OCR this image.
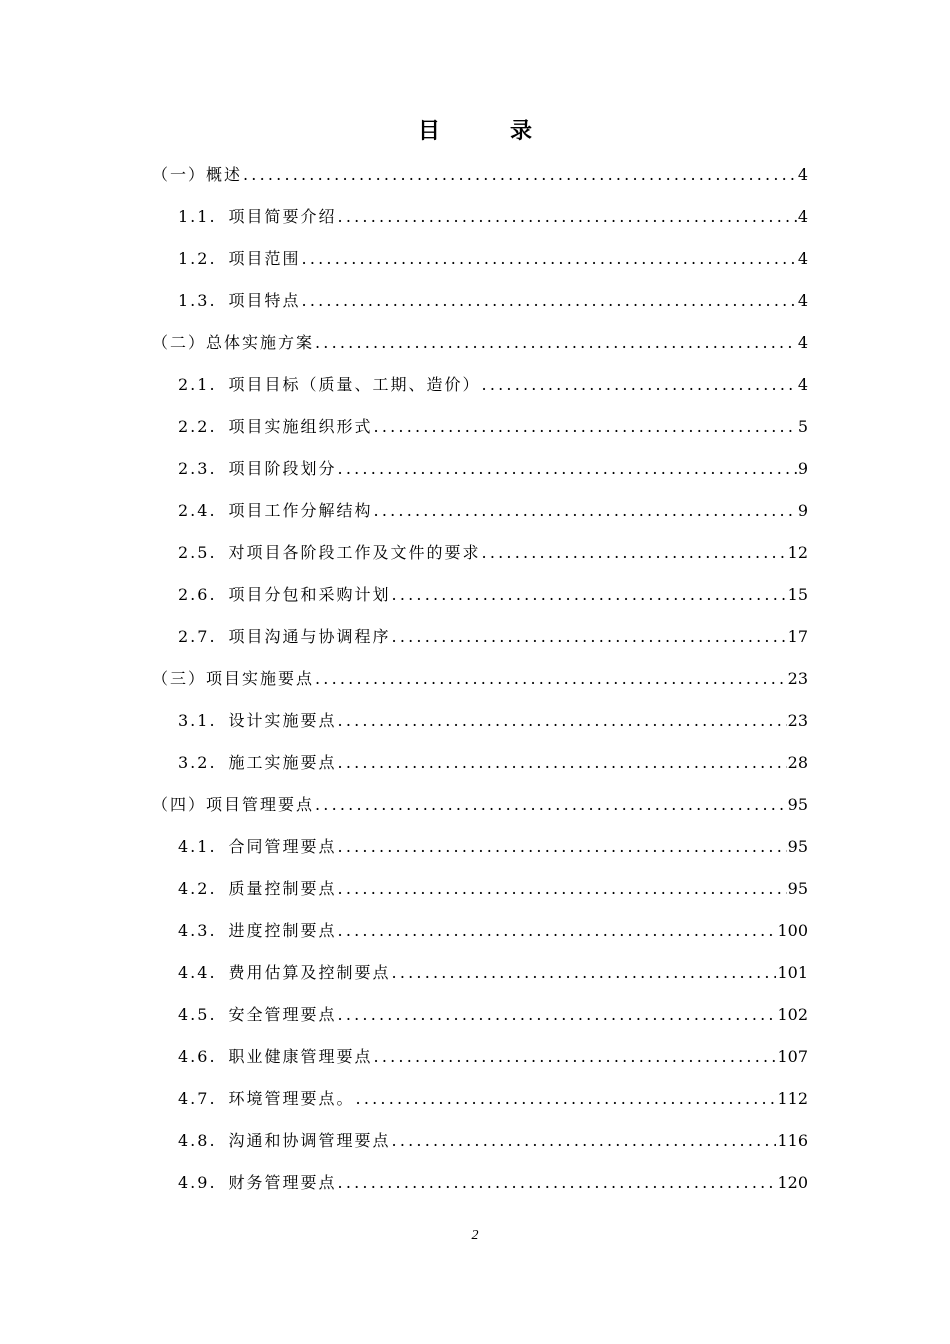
目	录
（一）概述 .....	4
1.1. 项目简要介绍 .....	4
1.2. 项目范围 .....	4
1.3. 项目特点 .....	4
（二）总体实施方案 .....	4
2.1. 项目目标（质量、工期、造价） .....	4
2.2. 项目实施组织形式 .....	5
2.3. 项目阶段划分 .....	9
2.4. 项目工作分解结构 .....	9
2.5. 对项目各阶段工作及文件的要求 .....	12
2.6. 项目分包和采购计划 .....	15
2.7. 项目沟通与协调程序 .....	17
（三）项目实施要点 .....	23
3.1. 设计实施要点 .....	23
3.2. 施工实施要点 .....	28
（四）项目管理要点 .....	95
4.1. 合同管理要点 .....	95
4.2. 质量控制要点 .....	95
4.3. 进度控制要点 .....	100
4.4. 费用估算及控制要点 .....	101
4.5. 安全管理要点 .....	102
4.6. 职业健康管理要点 .....	107
4.7. 环境管理要点。 .....	112
4.8. 沟通和协调管理要点 .....	116
4.9. 财务管理要点 .....	120
2
